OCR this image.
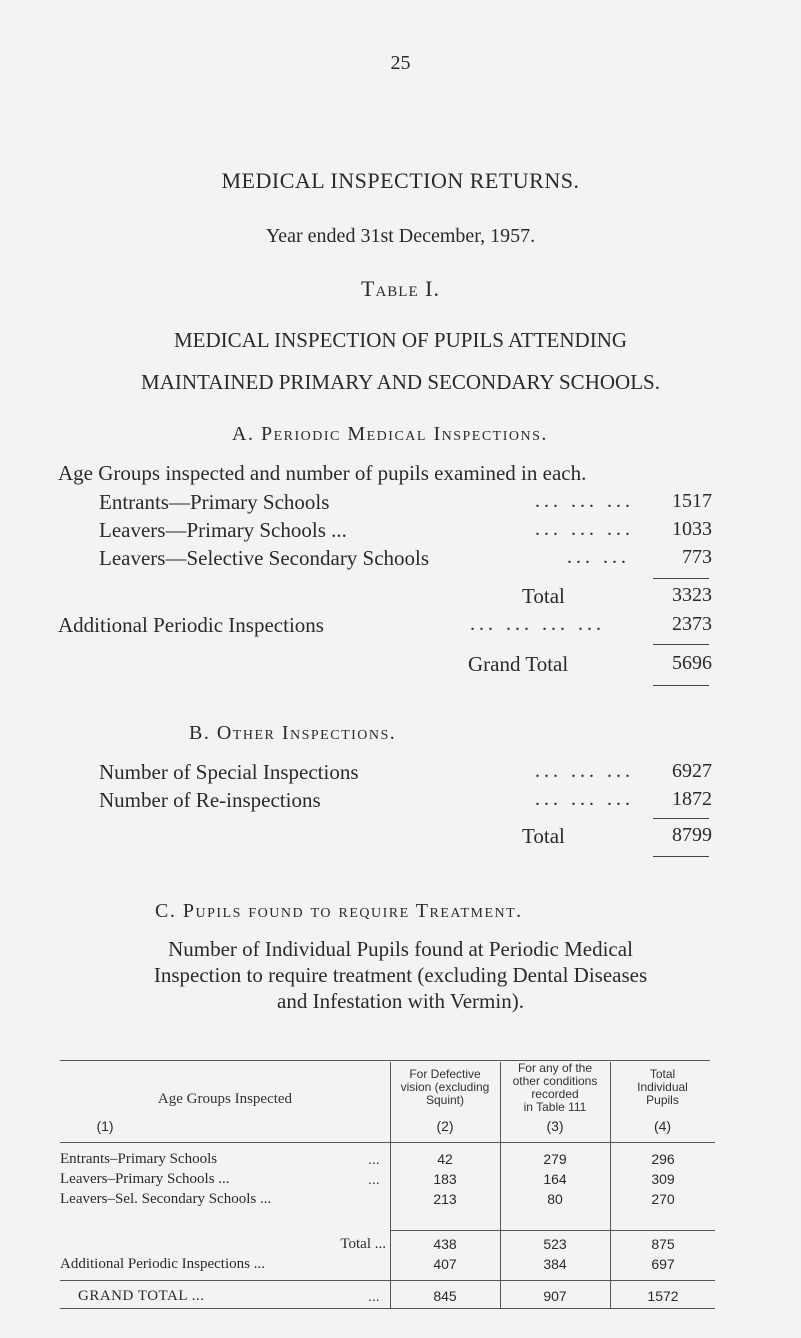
25
MEDICAL INSPECTION RETURNS.
Year ended 31st December, 1957.
Table I.
MEDICAL INSPECTION OF PUPILS ATTENDING
MAINTAINED PRIMARY AND SECONDARY SCHOOLS.
A. Periodic Medical Inspections.
Age Groups inspected and number of pupils examined in each.
Entrants—Primary Schools	... ... ...	1517
Leavers—Primary Schools ...	... ... ...	1033
Leavers—Selective Secondary Schools	... ...	773
Total	3323
Additional Periodic Inspections	... ... ... ...	2373
Grand Total	5696
B. Other Inspections.
Number of Special Inspections	... ... ...	6927
Number of Re-inspections	... ... ...	1872
Total	8799
C. Pupils found to require Treatment.
Number of Individual Pupils found at Periodic Medical
Inspection to require treatment (excluding Dental Diseases
and Infestation with Vermin).
Age Groups Inspected
(1)
For Defective
vision (excluding
Squint)
(2)
For any of the
other conditions
recorded
in Table 111
(3)
Total
Individual
Pupils
(4)
Entrants–Primary Schools	...	42	279	296
Leavers–Primary Schools ...	...	183	164	309
Leavers–Sel. Secondary Schools ...	213	80	270
Total ...	438	523	875
Additional Periodic Inspections ...	407	384	697
GRAND TOTAL ...	...	845	907	1572
